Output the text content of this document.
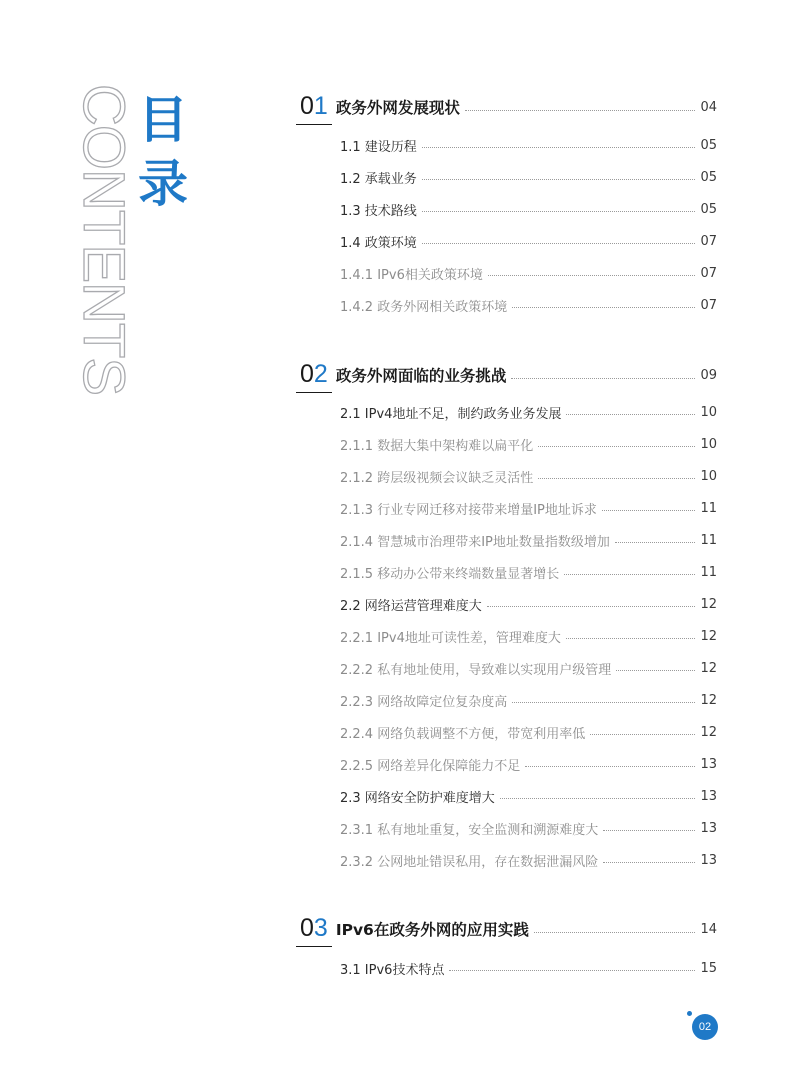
CONTENTS 目
录
01 政务外网发展现状	04
1.1 建设历程	05
1.2 承载业务	05
1.3 技术路线	05
1.4 政策环境	07
1.4.1 IPv6相关政策环境	07
1.4.2 政务外网相关政策环境	07
02 政务外网面临的业务挑战	09
2.1 IPv4地址不足，制约政务业务发展	10
2.1.1 数据大集中架构难以扁平化	10
2.1.2 跨层级视频会议缺乏灵活性	10
2.1.3 行业专网迁移对接带来增量IP地址诉求	11
2.1.4 智慧城市治理带来IP地址数量指数级增加	11
2.1.5 移动办公带来终端数量显著增长	11
2.2 网络运营管理难度大	12
2.2.1 IPv4地址可读性差，管理难度大	12
2.2.2 私有地址使用，导致难以实现用户级管理	12
2.2.3 网络故障定位复杂度高	12
2.2.4 网络负载调整不方便，带宽利用率低	12
2.2.5 网络差异化保障能力不足	13
2.3 网络安全防护难度增大	13
2.3.1 私有地址重复，安全监测和溯源难度大	13
2.3.2 公网地址错误私用，存在数据泄漏风险	13
03 IPv6在政务外网的应用实践	14
3.1 IPv6技术特点	15
02
